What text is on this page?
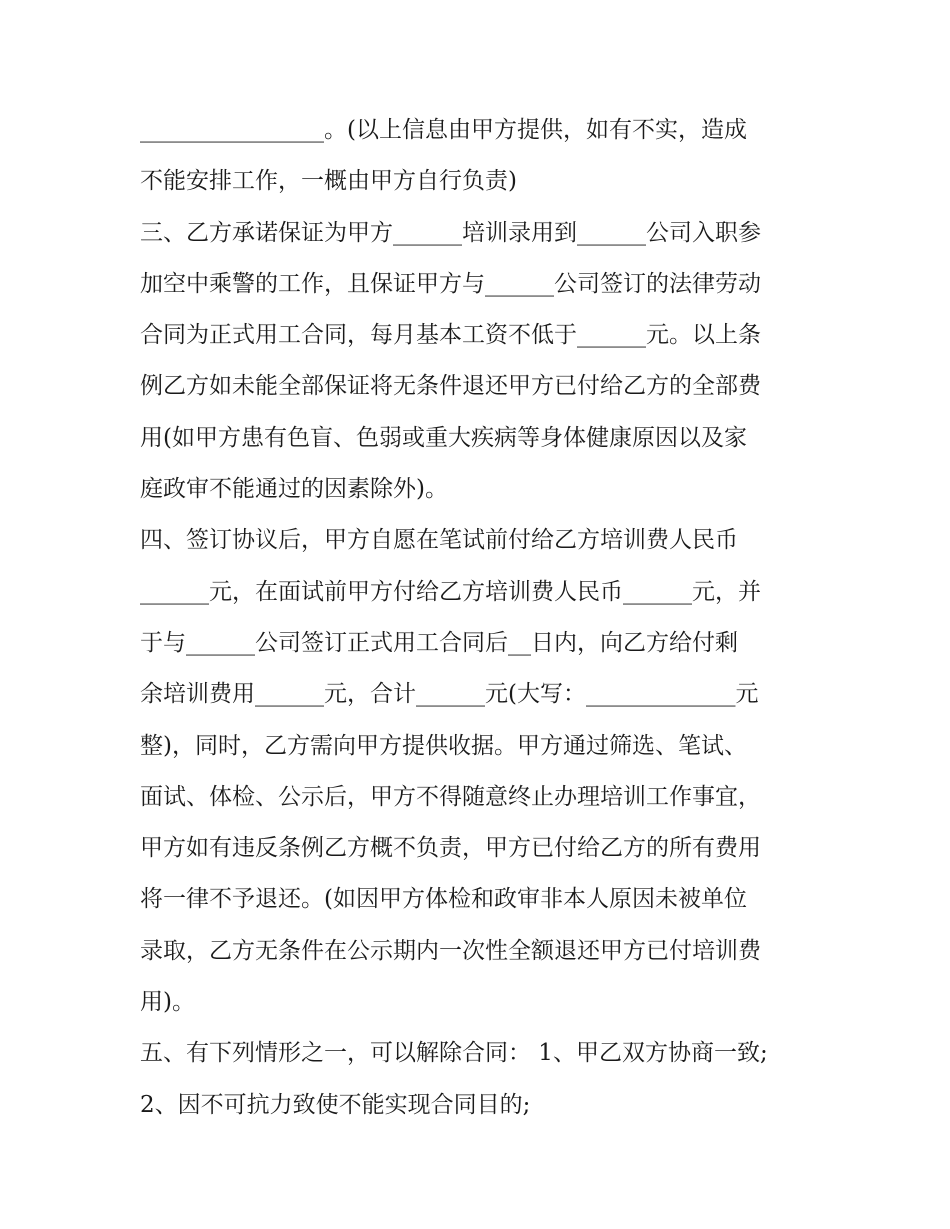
________________。(以上信息由甲方提供，如有不实，造成
不能安排工作，一概由甲方自行负责)
三、乙方承诺保证为甲方______培训录用到______公司入职参
加空中乘警的工作，且保证甲方与______公司签订的法律劳动
合同为正式用工合同，每月基本工资不低于______元。以上条
例乙方如未能全部保证将无条件退还甲方已付给乙方的全部费
用(如甲方患有色盲、色弱或重大疾病等身体健康原因以及家
庭政审不能通过的因素除外)。
四、签订协议后，甲方自愿在笔试前付给乙方培训费人民币
______元，在面试前甲方付给乙方培训费人民币______元，并
于与______公司签订正式用工合同后__日内，向乙方给付剩
余培训费用______元，合计______元(大写：_____________元
整)，同时，乙方需向甲方提供收据。甲方通过筛选、笔试、
面试、体检、公示后，甲方不得随意终止办理培训工作事宜，
甲方如有违反条例乙方概不负责，甲方已付给乙方的所有费用
将一律不予退还。(如因甲方体检和政审非本人原因未被单位
录取，乙方无条件在公示期内一次性全额退还甲方已付培训费
用)。
五、有下列情形之一，可以解除合同： 1、甲乙双方协商一致;
2、因不可抗力致使不能实现合同目的;
